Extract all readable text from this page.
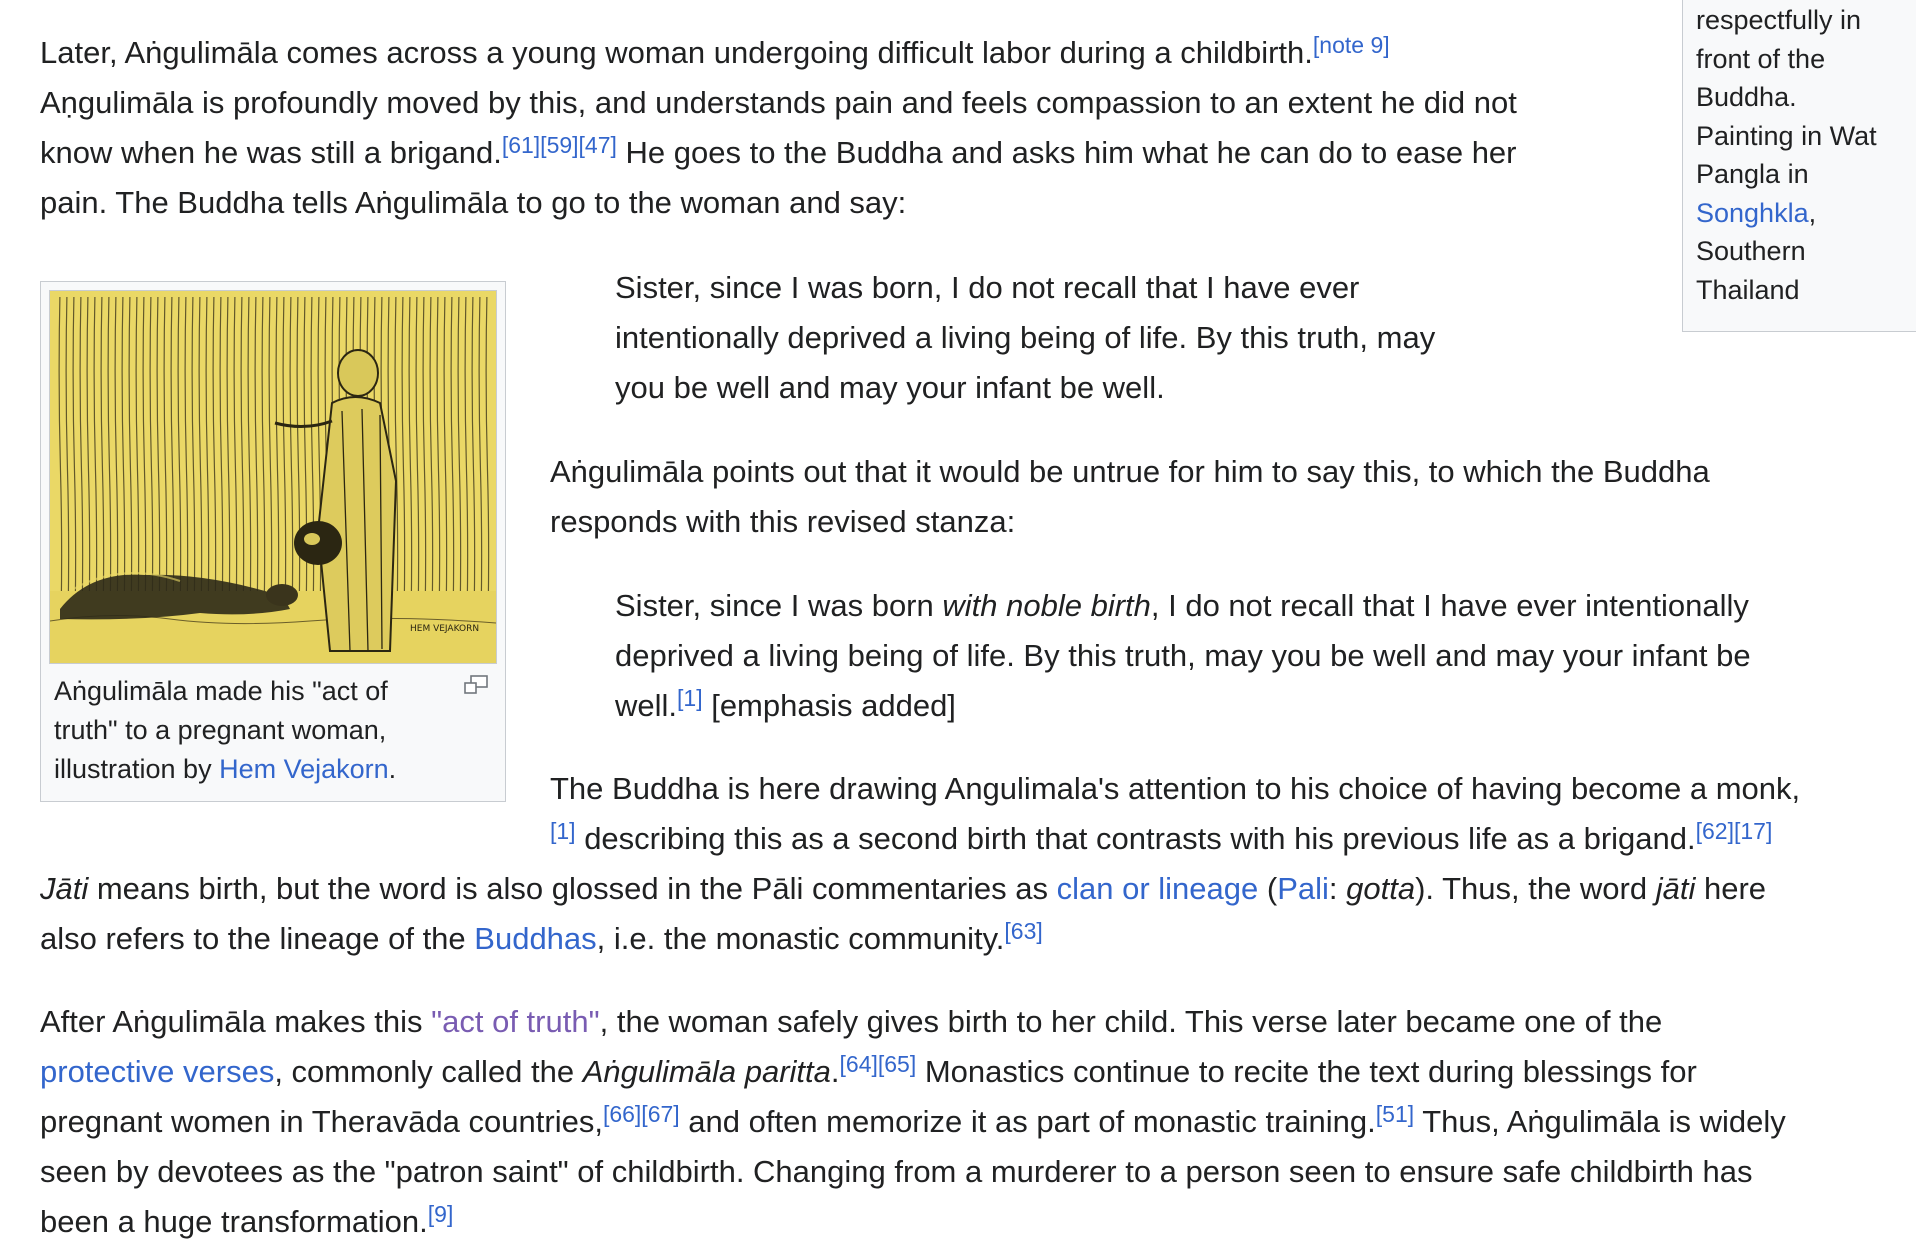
respectfully in
front of the
Buddha.
Painting in Wat
Pangla in
Songhkla,
Southern
Thailand

Later, Aṅgulimāla comes across a young woman undergoing difficult labor during a childbirth.[note 9]
Aṇgulimāla is profoundly moved by this, and understands pain and feels compassion to an extent he did not
know when he was still a brigand.[61][59][47] He goes to the Buddha and asks him what he can do to ease her
pain. The Buddha tells Aṅgulimāla to go to the woman and say:

HEM VEJAKORN
Aṅgulimāla made his "act of
truth" to a pregnant woman,
illustration by Hem Vejakorn.
Sister, since I was born, I do not recall that I have ever
intentionally deprived a living being of life. By this truth, may
you be well and may your infant be well.

Aṅgulimāla points out that it would be untrue for him to say this, to which the Buddha
responds with this revised stanza:

Sister, since I was born with noble birth, I do not recall that I have ever intentionally
deprived a living being of life. By this truth, may you be well and may your infant be
well.[1] [emphasis added]

The Buddha is here drawing Angulimala's attention to his choice of having become a monk,
[1] describing this as a second birth that contrasts with his previous life as a brigand.[62][17]

Jāti means birth, but the word is also glossed in the Pāli commentaries as clan or lineage (Pali: gotta). Thus, the word jāti here
also refers to the lineage of the Buddhas, i.e. the monastic community.[63]

After Aṅgulimāla makes this "act of truth", the woman safely gives birth to her child. This verse later became one of the
protective verses, commonly called the Aṅgulimāla paritta.[64][65] Monastics continue to recite the text during blessings for
pregnant women in Theravāda countries,[66][67] and often memorize it as part of monastic training.[51] Thus, Aṅgulimāla is widely
seen by devotees as the "patron saint" of childbirth. Changing from a murderer to a person seen to ensure safe childbirth has
been a huge transformation.[9]
